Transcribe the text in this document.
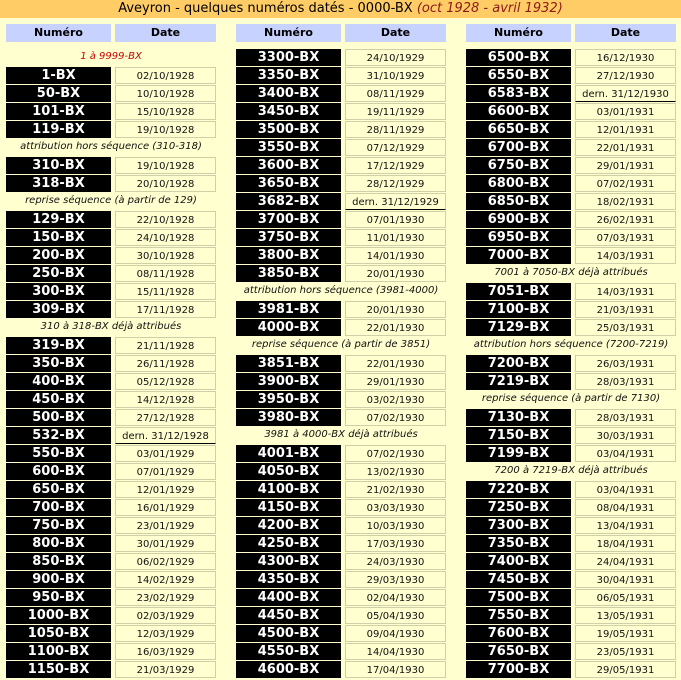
Aveyron - quelques numéros datés - 0000-BX (oct 1928 - avril 1932)
Numéro	Date
1 à 9999-BX
1-BX	02/10/1928
50-BX	10/10/1928
101-BX	15/10/1928
119-BX	19/10/1928
attribution hors séquence (310-318)
310-BX	19/10/1928
318-BX	20/10/1928
reprise séquence (à partir de 129)
129-BX	22/10/1928
150-BX	24/10/1928
200-BX	30/10/1928
250-BX	08/11/1928
300-BX	15/11/1928
309-BX	17/11/1928
310 à 318-BX déjà attribués
319-BX	21/11/1928
350-BX	26/11/1928
400-BX	05/12/1928
450-BX	14/12/1928
500-BX	27/12/1928
532-BX	dern. 31/12/1928
550-BX	03/01/1929
600-BX	07/01/1929
650-BX	12/01/1929
700-BX	16/01/1929
750-BX	23/01/1929
800-BX	30/01/1929
850-BX	06/02/1929
900-BX	14/02/1929
950-BX	23/02/1929
1000-BX	02/03/1929
1050-BX	12/03/1929
1100-BX	16/03/1929
1150-BX	21/03/1929
Numéro	Date
3300-BX	24/10/1929
3350-BX	31/10/1929
3400-BX	08/11/1929
3450-BX	19/11/1929
3500-BX	28/11/1929
3550-BX	07/12/1929
3600-BX	17/12/1929
3650-BX	28/12/1929
3682-BX	dern. 31/12/1929
3700-BX	07/01/1930
3750-BX	11/01/1930
3800-BX	14/01/1930
3850-BX	20/01/1930
attribution hors séquence (3981-4000)
3981-BX	20/01/1930
4000-BX	22/01/1930
reprise séquence (à partir de 3851)
3851-BX	22/01/1930
3900-BX	29/01/1930
3950-BX	03/02/1930
3980-BX	07/02/1930
3981 à 4000-BX déjà attribués
4001-BX	07/02/1930
4050-BX	13/02/1930
4100-BX	21/02/1930
4150-BX	03/03/1930
4200-BX	10/03/1930
4250-BX	17/03/1930
4300-BX	24/03/1930
4350-BX	29/03/1930
4400-BX	02/04/1930
4450-BX	05/04/1930
4500-BX	09/04/1930
4550-BX	14/04/1930
4600-BX	17/04/1930
Numéro	Date
6500-BX	16/12/1930
6550-BX	27/12/1930
6583-BX	dern. 31/12/1930
6600-BX	03/01/1931
6650-BX	12/01/1931
6700-BX	22/01/1931
6750-BX	29/01/1931
6800-BX	07/02/1931
6850-BX	18/02/1931
6900-BX	26/02/1931
6950-BX	07/03/1931
7000-BX	14/03/1931
7001 à 7050-BX déjà attribués
7051-BX	14/03/1931
7100-BX	21/03/1931
7129-BX	25/03/1931
attribution hors séquence (7200-7219)
7200-BX	26/03/1931
7219-BX	28/03/1931
reprise séquence (à partir de 7130)
7130-BX	28/03/1931
7150-BX	30/03/1931
7199-BX	03/04/1931
7200 à 7219-BX déjà attribués
7220-BX	03/04/1931
7250-BX	08/04/1931
7300-BX	13/04/1931
7350-BX	18/04/1931
7400-BX	24/04/1931
7450-BX	30/04/1931
7500-BX	06/05/1931
7550-BX	13/05/1931
7600-BX	19/05/1931
7650-BX	23/05/1931
7700-BX	29/05/1931
